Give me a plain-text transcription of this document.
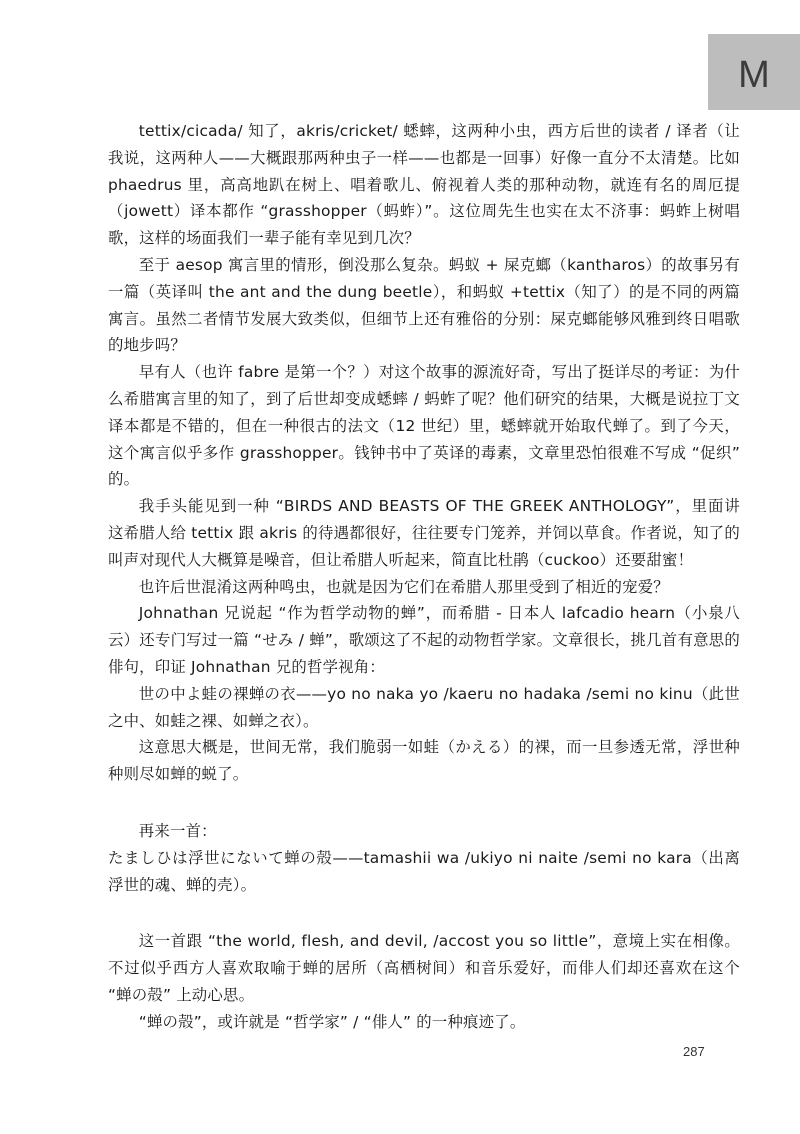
M

tettix/cicada/ 知了，akris/cricket/ 蟋蟀，这两种小虫，西方后世的读者 / 译者（让我说，这两种人——大概跟那两种虫子一样——也都是一回事）好像一直分不太清楚。比如 phaedrus 里，高高地趴在树上、唱着歌儿、俯视着人类的那种动物，就连有名的周厄提（jowett）译本都作 “grasshopper（蚂蚱）”。这位周先生也实在太不济事：蚂蚱上树唱歌，这样的场面我们一辈子能有幸见到几次？

至于 aesop 寓言里的情形，倒没那么复杂。蚂蚁 + 屎克螂（kantharos）的故事另有一篇（英译叫 the ant and the dung beetle），和蚂蚁 +tettix（知了）的是不同的两篇寓言。虽然二者情节发展大致类似，但细节上还有雅俗的分别：屎克螂能够风雅到终日唱歌的地步吗？

早有人（也许 fabre 是第一个？）对这个故事的源流好奇，写出了挺详尽的考证：为什么希腊寓言里的知了，到了后世却变成蟋蟀 / 蚂蚱了呢？他们研究的结果，大概是说拉丁文译本都是不错的，但在一种很古的法文（12 世纪）里，蟋蟀就开始取代蝉了。到了今天，这个寓言似乎多作 grasshopper。钱钟书中了英译的毒素，文章里恐怕很难不写成 “促织” 的。

我手头能见到一种 “BIRDS AND BEASTS OF THE GREEK ANTHOLOGY”，里面讲这希腊人给 tettix 跟 akris 的待遇都很好，往往要专门笼养，并饲以草食。作者说，知了的叫声对现代人大概算是噪音，但让希腊人听起来，简直比杜鹃（cuckoo）还要甜蜜！

也许后世混淆这两种鸣虫，也就是因为它们在希腊人那里受到了相近的宠爱？

Johnathan 兄说起 “作为哲学动物的蝉”，而希腊 - 日本人 lafcadio hearn（小泉八云）还专门写过一篇 “せみ / 蝉”，歌颂这了不起的动物哲学家。文章很长，挑几首有意思的俳句，印证 Johnathan 兄的哲学视角：

世の中よ蛙の裸蝉の衣——yo no naka yo /kaeru no hadaka /semi no kinu（此世之中、如蛙之裸、如蝉之衣）。

这意思大概是，世间无常，我们脆弱一如蛙（かえる）的裸，而一旦参透无常，浮世种种则尽如蝉的蜕了。

再来一首：

たましひは浮世にないて蝉の殻——tamashii wa /ukiyo ni naite /semi no kara（出离浮世的魂、蝉的壳）。

这一首跟 “the world, flesh, and devil, /accost you so little”，意境上实在相像。不过似乎西方人喜欢取喻于蝉的居所（高栖树间）和音乐爱好，而俳人们却还喜欢在这个 “蝉の殻” 上动心思。

“蝉の殻”，或许就是 “哲学家” / “俳人” 的一种痕迹了。

287
